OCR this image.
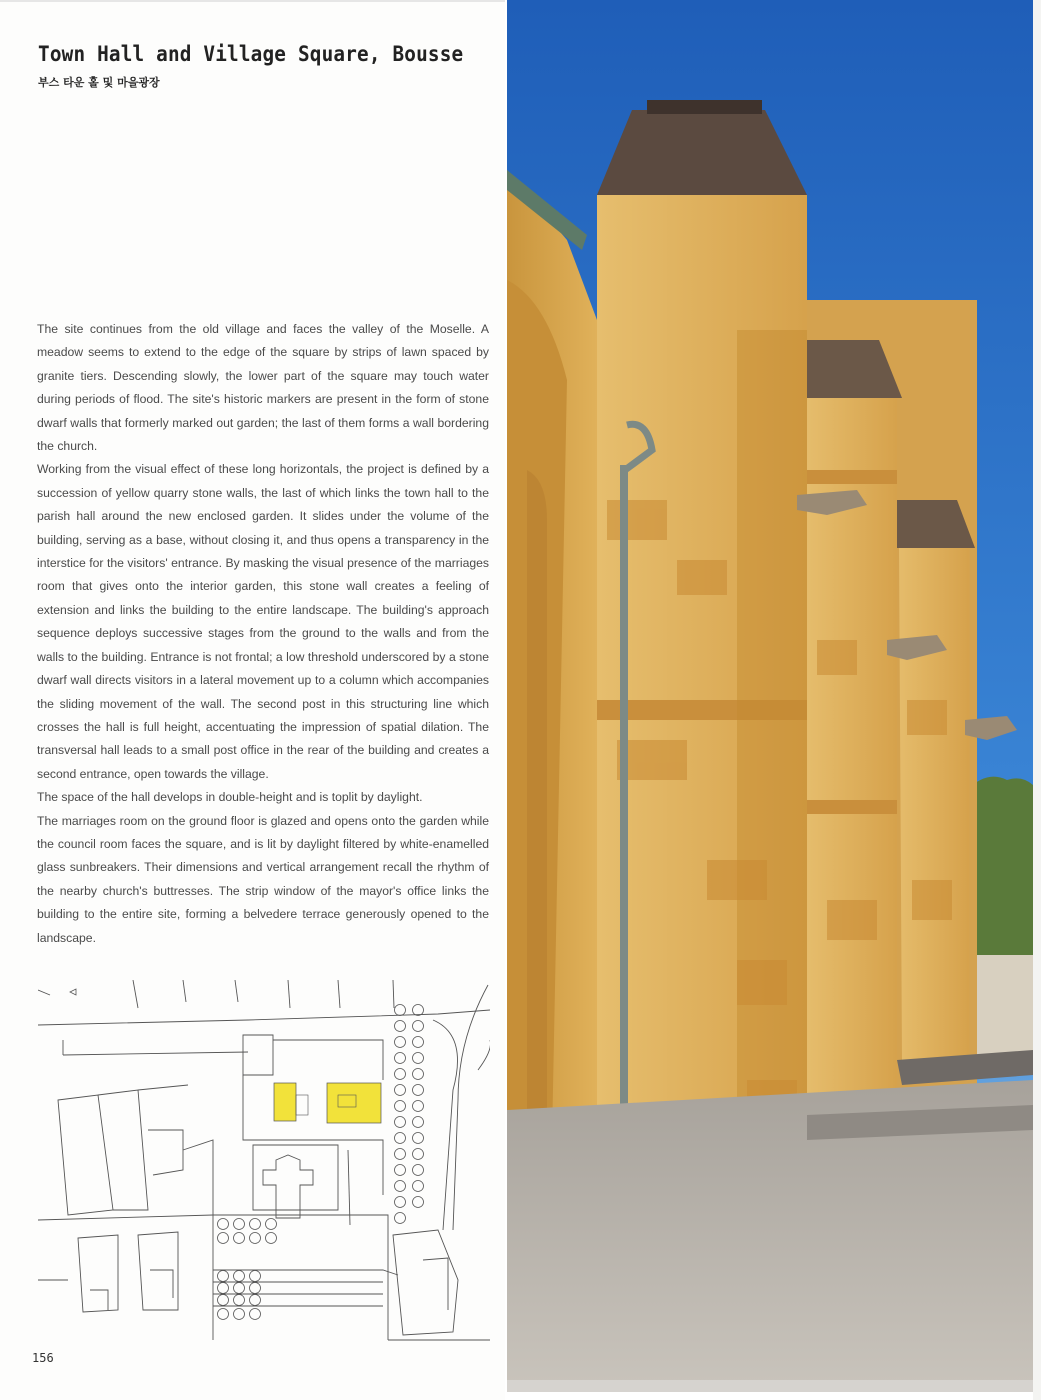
Town Hall and Village Square, Bousse
부스 타운 홀 및 마을광장

The site continues from the old village and faces the valley of the Moselle. A meadow seems to extend to the edge of the square by strips of lawn spaced by granite tiers. Descending slowly, the lower part of the square may touch water during periods of flood. The site's historic markers are present in the form of stone dwarf walls that formerly marked out garden; the last of them forms a wall bordering the church.

Working from the visual effect of these long horizontals, the project is defined by a succession of yellow quarry stone walls, the last of which links the town hall to the parish hall around the new enclosed garden. It slides under the volume of the building, serving as a base, without closing it, and thus opens a transparency in the interstice for the visitors' entrance. By masking the visual presence of the marriages room that gives onto the interior garden, this stone wall creates a feeling of extension and links the building to the entire landscape. The building's approach sequence deploys successive stages from the ground to the walls and from the walls to the building. Entrance is not frontal; a low threshold underscored by a stone dwarf wall directs visitors in a lateral movement up to a column which accompanies the sliding movement of the wall. The second post in this structuring line which crosses the hall is full height, accentuating the impression of spatial dilation. The transversal hall leads to a small post office in the rear of the building and creates a second entrance, open towards the village.

The space of the hall develops in double-height and is toplit by daylight.

The marriages room on the ground floor is glazed and opens onto the garden while the council room faces the square, and is lit by daylight filtered by white-enamelled glass sunbreakers. Their dimensions and vertical arrangement recall the rhythm of the nearby church's buttresses. The strip window of the mayor's office links the building to the entire site, forming a belvedere terrace generously opened to the landscape.

156
